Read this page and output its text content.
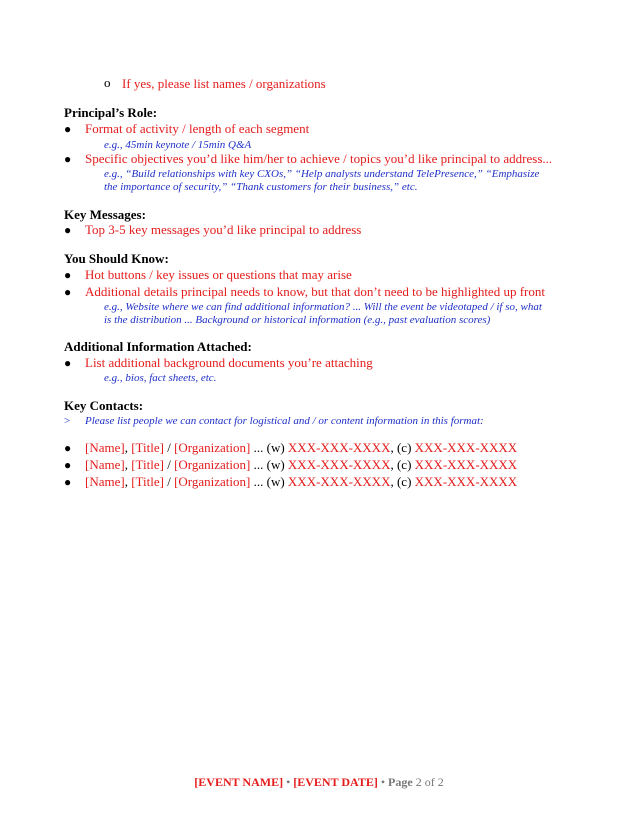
o If yes, please list names / organizations
Principal’s Role:
● Format of activity / length of each segment
e.g., 45min keynote / 15min Q&A
● Specific objectives you’d like him/her to achieve / topics you’d like principal to address...
e.g., “Build relationships with key CXOs,” “Help analysts understand TelePresence,” “Emphasize
the importance of security,” “Thank customers for their business,” etc.
Key Messages:
● Top 3-5 key messages you’d like principal to address
You Should Know:
● Hot buttons / key issues or questions that may arise
● Additional details principal needs to know, but that don’t need to be highlighted up front
e.g., Website where we can find additional information? ... Will the event be videotaped / if so, what
is the distribution ... Background or historical information (e.g., past evaluation scores)
Additional Information Attached:
● List additional background documents you’re attaching
e.g., bios, fact sheets, etc.
Key Contacts:
> Please list people we can contact for logistical and / or content information in this format:
● [Name], [Title] / [Organization] ... (w) XXX-XXX-XXXX, (c) XXX-XXX-XXXX
● [Name], [Title] / [Organization] ... (w) XXX-XXX-XXXX, (c) XXX-XXX-XXXX
● [Name], [Title] / [Organization] ... (w) XXX-XXX-XXXX, (c) XXX-XXX-XXXX
[EVENT NAME] • [EVENT DATE] • Page 2 of 2
